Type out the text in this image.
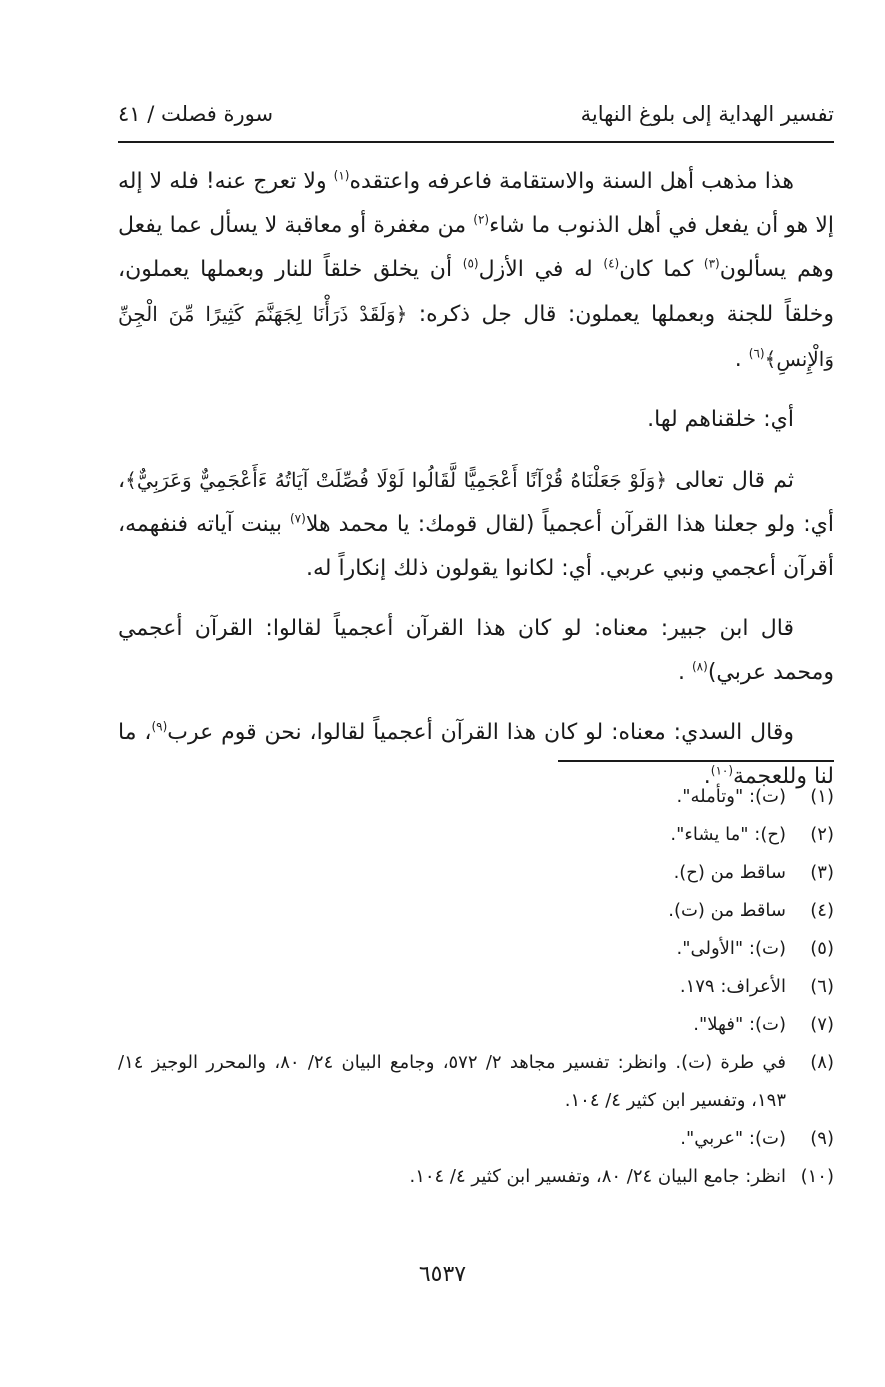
تفسير الهداية إلى بلوغ النهاية
سورة فصلت / ٤١

هذا مذهب أهل السنة والاستقامة فاعرفه واعتقده$^{(١)}$ ولا تعرج عنه! فله لا إله إلا هو أن يفعل في أهل الذنوب ما شاء$^{(٢)}$ من مغفرة أو معاقبة لا يسأل عما يفعل وهم يسألون$^{(٣)}$ كما كان$^{(٤)}$ له في الأزل$^{(٥)}$ أن يخلق خلقاً للنار وبعملها يعملون، وخلقاً للجنة وبعملها يعملون: قال جل ذكره: ﴿وَلَقَدْ ذَرَأْنَا لِجَهَنَّمَ كَثِيرًا مِّنَ الْجِنِّ وَالْإِنسِ﴾$^{(٦)}$ .

أي: خلقناهم لها.

ثم قال تعالى ﴿وَلَوْ جَعَلْنَاهُ قُرْآنًا أَعْجَمِيًّا لَّقَالُوا لَوْلَا فُصِّلَتْ آيَاتُهُ ءَأَعْجَمِيٌّ وَعَرَبِيٌّ﴾، أي: ولو جعلنا هذا القرآن أعجمياً (لقال قومك: يا محمد هلا$^{(٧)}$ بينت آياته فنفهمه، أقرآن أعجمي ونبي عربي. أي: لكانوا يقولون ذلك إنكاراً له.

قال ابن جبير: معناه: لو كان هذا القرآن أعجمياً لقالوا: القرآن أعجمي ومحمد عربي)$^{(٨)}$ .

وقال السدي: معناه: لو كان هذا القرآن أعجمياً لقالوا، نحن قوم عرب$^{(٩)}$، ما لنا وللعجمة$^{(١٠)}$.

(١)
(ت): "وتأمله".
(٢)
(ح): "ما يشاء".
(٣)
ساقط من (ح).
(٤)
ساقط من (ت).
(٥)
(ت): "الأولى".
(٦)
الأعراف: ١٧٩.
(٧)
(ت): "فهلا".
(٨)
في طرة (ت). وانظر: تفسير مجاهد ٢/ ٥٧٢، وجامع البيان ٢٤/ ٨٠، والمحرر الوجيز ١٤/ ١٩٣، وتفسير ابن كثير ٤/ ١٠٤.
(٩)
(ت): "عربي".
(١٠)
انظر: جامع البيان ٢٤/ ٨٠، وتفسير ابن كثير ٤/ ١٠٤.
٦٥٣٧
